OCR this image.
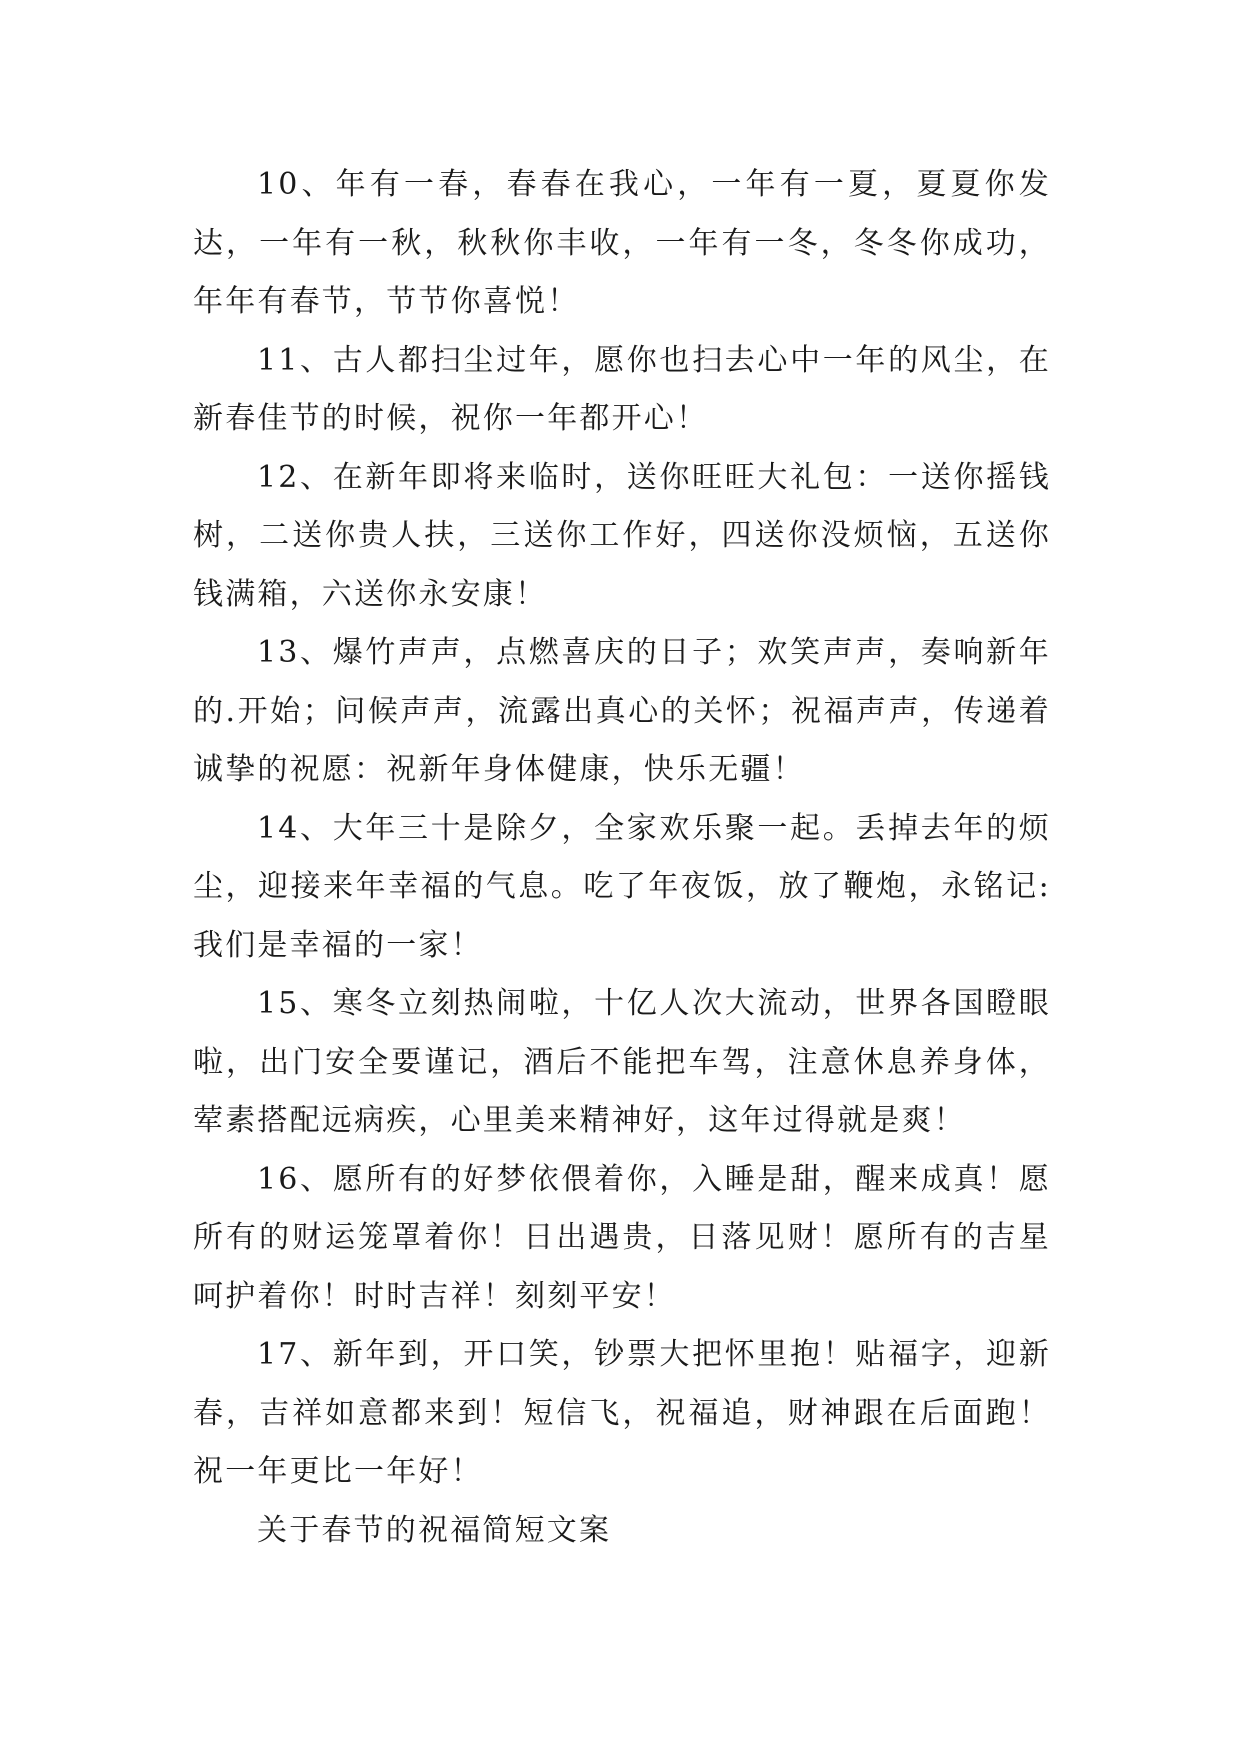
10、年有一春，春春在我心，一年有一夏，夏夏你发达，一年有一秋，秋秋你丰收，一年有一冬，冬冬你成功，年年有春节，节节你喜悦！

11、古人都扫尘过年，愿你也扫去心中一年的风尘，在新春佳节的时候，祝你一年都开心！

12、在新年即将来临时，送你旺旺大礼包：一送你摇钱树，二送你贵人扶，三送你工作好，四送你没烦恼，五送你钱满箱，六送你永安康！

13、爆竹声声，点燃喜庆的日子；欢笑声声，奏响新年的.开始；问候声声，流露出真心的关怀；祝福声声，传递着诚挚的祝愿：祝新年身体健康，快乐无疆！

14、大年三十是除夕，全家欢乐聚一起。丢掉去年的烦尘，迎接来年幸福的气息。吃了年夜饭，放了鞭炮，永铭记:我们是幸福的一家！

15、寒冬立刻热闹啦，十亿人次大流动，世界各国瞪眼啦，出门安全要谨记，酒后不能把车驾，注意休息养身体，荤素搭配远病疾，心里美来精神好，这年过得就是爽！

16、愿所有的好梦依偎着你，入睡是甜，醒来成真！愿所有的财运笼罩着你！日出遇贵，日落见财！愿所有的吉星呵护着你！时时吉祥！刻刻平安！

17、新年到，开口笑，钞票大把怀里抱！贴福字，迎新春，吉祥如意都来到！短信飞，祝福追，财神跟在后面跑！祝一年更比一年好！

关于春节的祝福简短文案
